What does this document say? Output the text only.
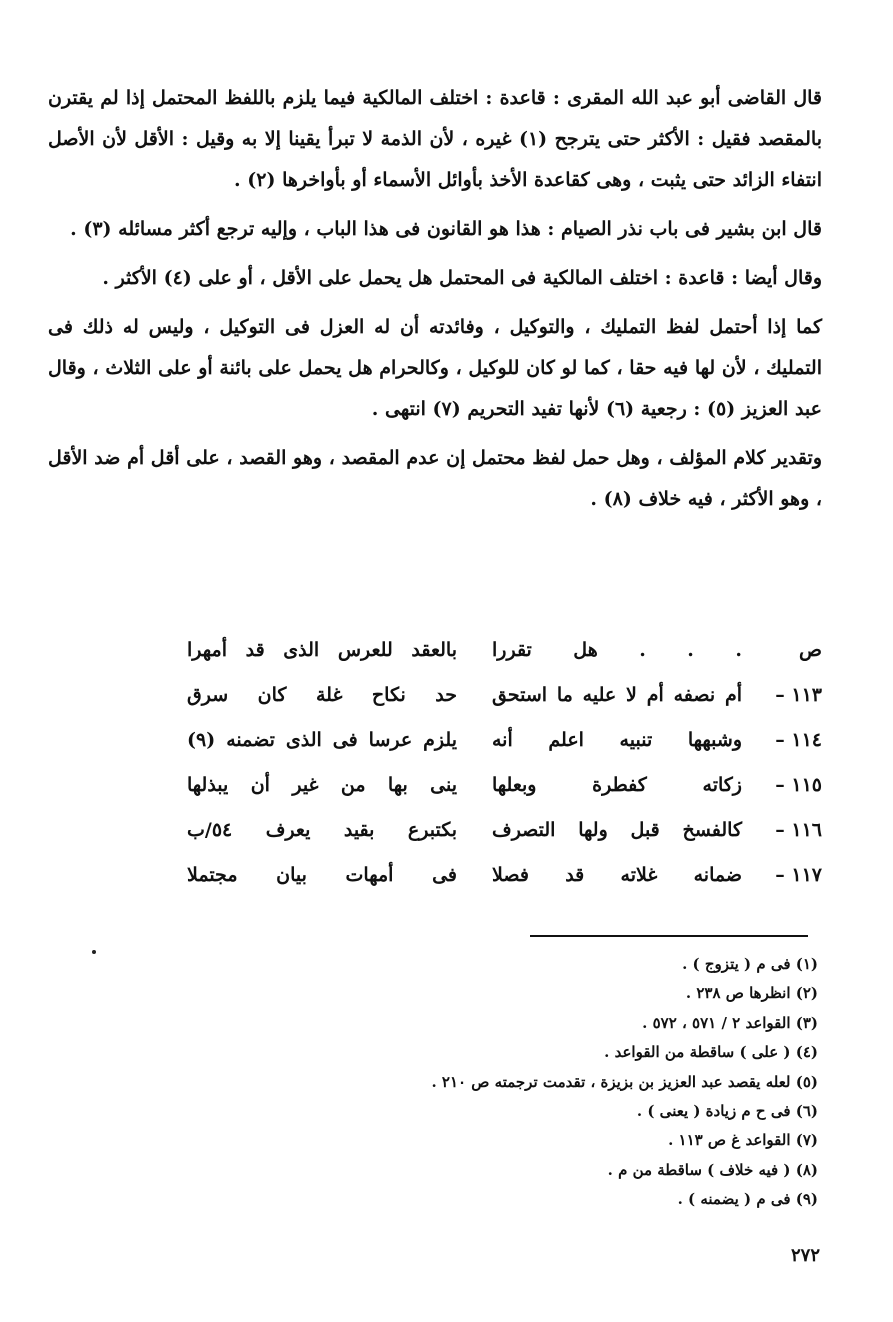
قال القاضى أبو عبد الله المقرى : قاعدة : اختلف المالكية فيما يلزم باللفظ المحتمل إذا لم يقترن بالمقصد فقيل : الأكثر حتى يترجح (١) غيره ، لأن الذمة لا تبرأ يقينا إلا به وقيل : الأقل لأن الأصل انتفاء الزائد حتى يثبت ، وهى كقاعدة الأخذ بأوائل الأسماء أو بأواخرها (٢) .

قال ابن بشير فى باب نذر الصيام : هذا هو القانون فى هذا الباب ، وإليه ترجع أكثر مسائله (٣) .

وقال أيضا : قاعدة : اختلف المالكية فى المحتمل هل يحمل على الأقل ، أو على (٤) الأكثر .

كما إذا أحتمل لفظ التمليك ، والتوكيل ، وفائدته أن له العزل فى التوكيل ، وليس له ذلك فى التمليك ، لأن لها فيه حقا ، كما لو كان للوكيل ، وكالحرام هل يحمل على بائنة أو على الثلاث ، وقال عبد العزيز (٥) : رجعية (٦) لأنها تفيد التحريم (٧) انتهى .

وتقدير كلام المؤلف ، وهل حمل لفظ محتمل إن عدم المقصد ، وهو القصد ، على أقل أم ضد الأقل ، وهو الأكثر ، فيه خلاف (٨) .

ص
. . . هل تقررا
بالعقد للعرس الذى قد أمهرا
١١٣ –
أم نصفه أم لا عليه ما استحق
حد نكاح غلة كان سرق
١١٤ –
وشبهها تنبيه اعلم أنه
يلزم عرسا فى الذى تضمنه (٩)
١١٥ –
زكاته كفطرة وبعلها
ينى بها من غير أن يبذلها
١١٦ –
كالفسخ قبل ولها التصرف
بكتبرع بقيد يعرف ٥٤/ب
١١٧ –
ضمانه غلاته قد فصلا
فى أمهات بيان مجتملا
(١) فى م ( يتزوج ) .
(٢) انظرها ص ٢٣٨ .
(٣) القواعد ٢ / ٥٧١ ، ٥٧٢ .
(٤) ( على ) ساقطة من القواعد .
(٥) لعله يقصد عبد العزيز بن بزيزة ، تقدمت ترجمته ص ٢١٠ .
(٦) فى ح م زيادة ( يعنى ) .
(٧) القواعد غ ص ١١٣ .
(٨) ( فيه خلاف ) ساقطة من م .
(٩) فى م ( يضمنه ) .
٢٧٢
